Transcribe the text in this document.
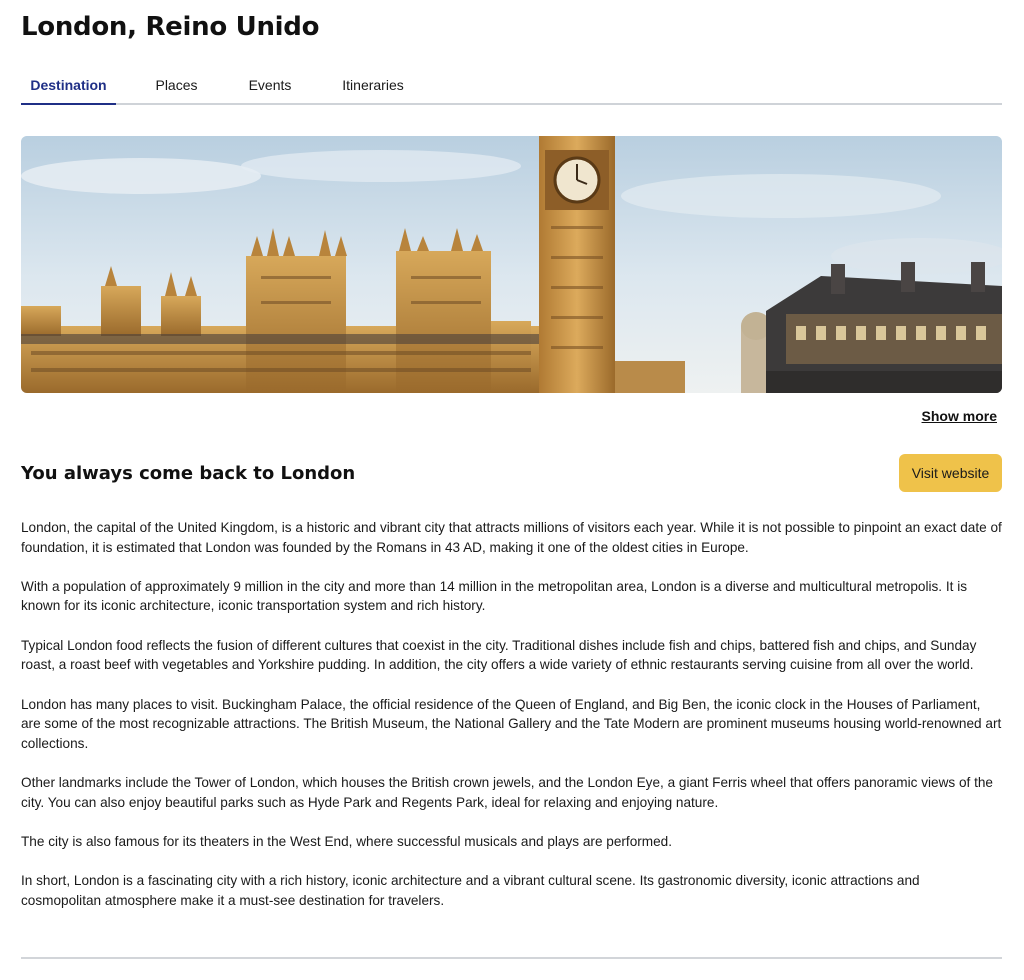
London, Reino Unido
Destination	Places	Events	Itineraries
Show more
You always come back to London	Visit website

London, the capital of the United Kingdom, is a historic and vibrant city that attracts millions of visitors each year. While it is not possible to pinpoint an exact date of foundation, it is estimated that London was founded by the Romans in 43 AD, making it one of the oldest cities in Europe.

With a population of approximately 9 million in the city and more than 14 million in the metropolitan area, London is a diverse and multicultural metropolis. It is known for its iconic architecture, iconic transportation system and rich history.

Typical London food reflects the fusion of different cultures that coexist in the city. Traditional dishes include fish and chips, battered fish and chips, and Sunday roast, a roast beef with vegetables and Yorkshire pudding. In addition, the city offers a wide variety of ethnic restaurants serving cuisine from all over the world.

London has many places to visit. Buckingham Palace, the official residence of the Queen of England, and Big Ben, the iconic clock in the Houses of Parliament, are some of the most recognizable attractions. The British Museum, the National Gallery and the Tate Modern are prominent museums housing world-renowned art collections.

Other landmarks include the Tower of London, which houses the British crown jewels, and the London Eye, a giant Ferris wheel that offers panoramic views of the city. You can also enjoy beautiful parks such as Hyde Park and Regents Park, ideal for relaxing and enjoying nature.

The city is also famous for its theaters in the West End, where successful musicals and plays are performed.

In short, London is a fascinating city with a rich history, iconic architecture and a vibrant cultural scene. Its gastronomic diversity, iconic attractions and cosmopolitan atmosphere make it a must-see destination for travelers.
